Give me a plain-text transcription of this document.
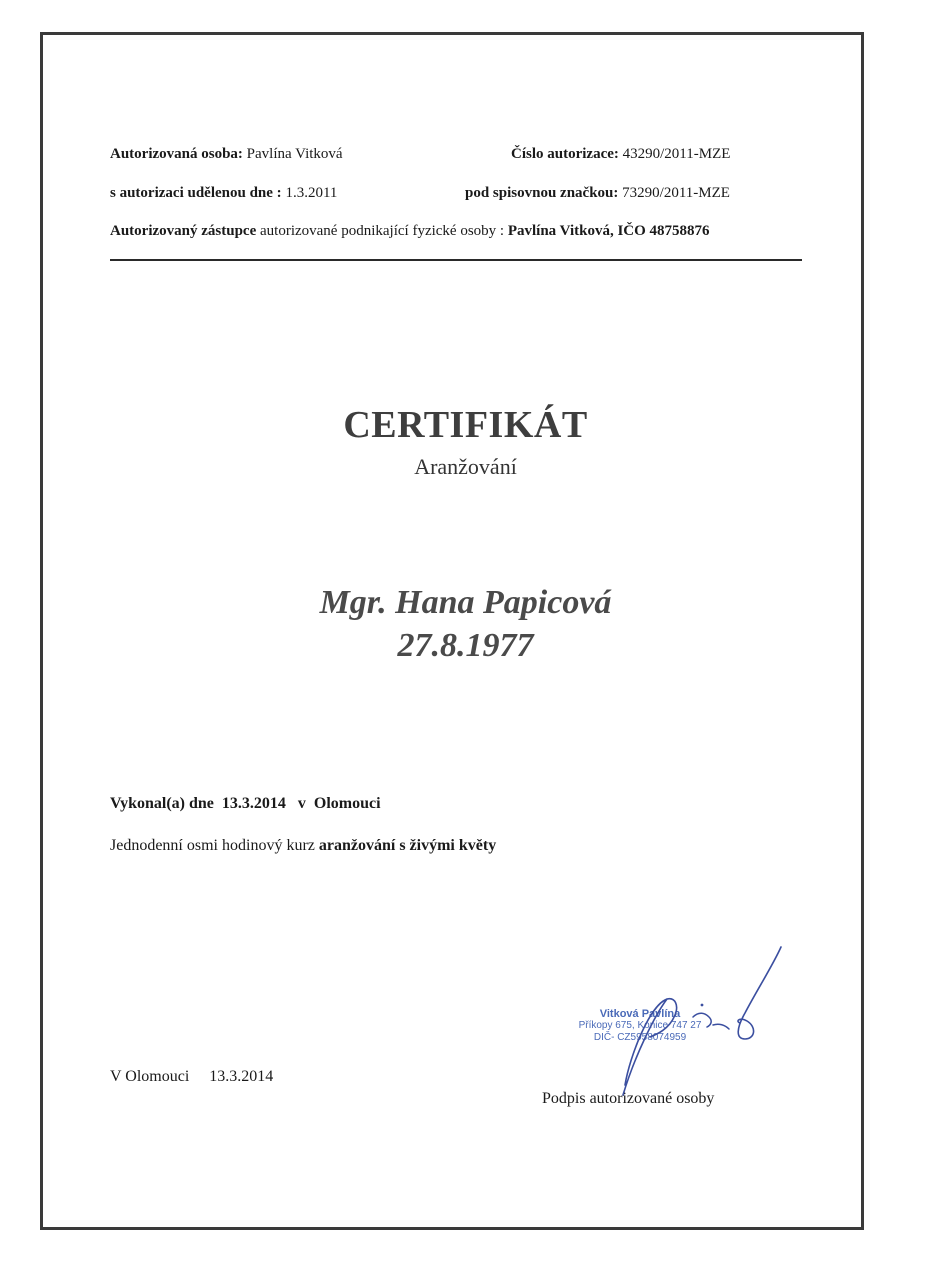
Autorizovaná osoba: Pavlína Vitková	Číslo autorizace: 43290/2011-MZE
s autorizaci udělenou dne : 1.3.2011	pod spisovnou značkou: 73290/2011-MZE
Autorizovaný zástupce autorizované podnikající fyzické osoby : Pavlína Vitková, IČO 48758876
CERTIFIKÁT
Aranžování
Mgr. Hana Papicová
27.8.1977
Vykonal(a) dne 13.3.2014 v Olomouci
Jednodenní osmi hodinový kurz aranžování s živými květy
V Olomouci 13.3.2014
Podpis autorizované osoby
Vitková Pavlína
Příkopy 675, Konice 747 27
DIČ- CZ5958074959
